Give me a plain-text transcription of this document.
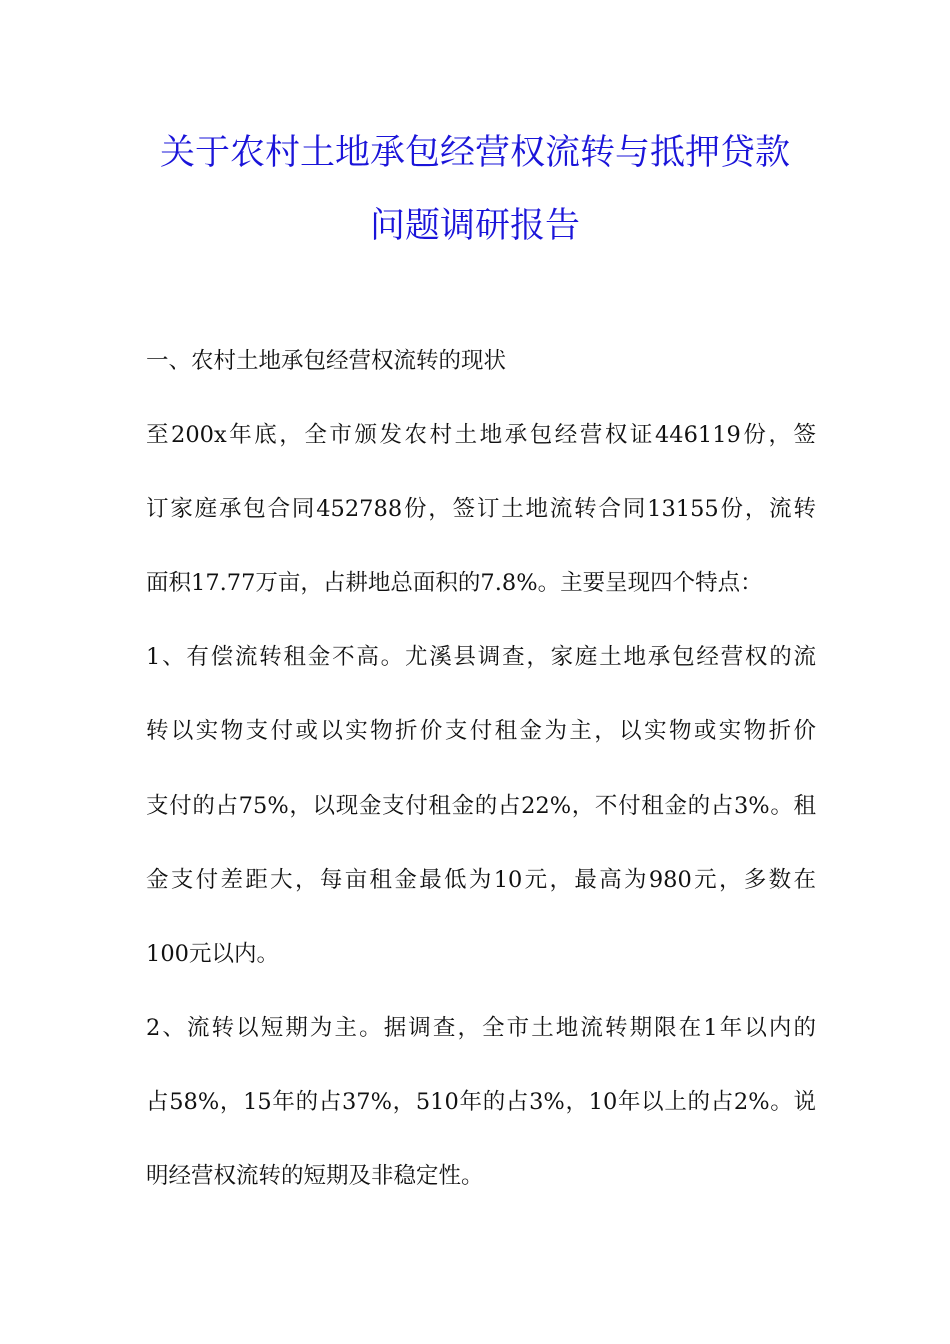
关于农村土地承包经营权流转与抵押贷款
问题调研报告
一、农村土地承包经营权流转的现状
至200x年底，全市颁发农村土地承包经营权证446119份，签
订家庭承包合同452788份，签订土地流转合同13155份，流转
面积17.77万亩，占耕地总面积的7.8%。主要呈现四个特点：
1、有偿流转租金不高。尤溪县调查，家庭土地承包经营权的流
转以实物支付或以实物折价支付租金为主，以实物或实物折价
支付的占75%，以现金支付租金的占22%，不付租金的占3%。租
金支付差距大，每亩租金最低为10元，最高为980元，多数在
100元以内。
2、流转以短期为主。据调查，全市土地流转期限在1年以内的
占58%，15年的占37%，510年的占3%，10年以上的占2%。说
明经营权流转的短期及非稳定性。
